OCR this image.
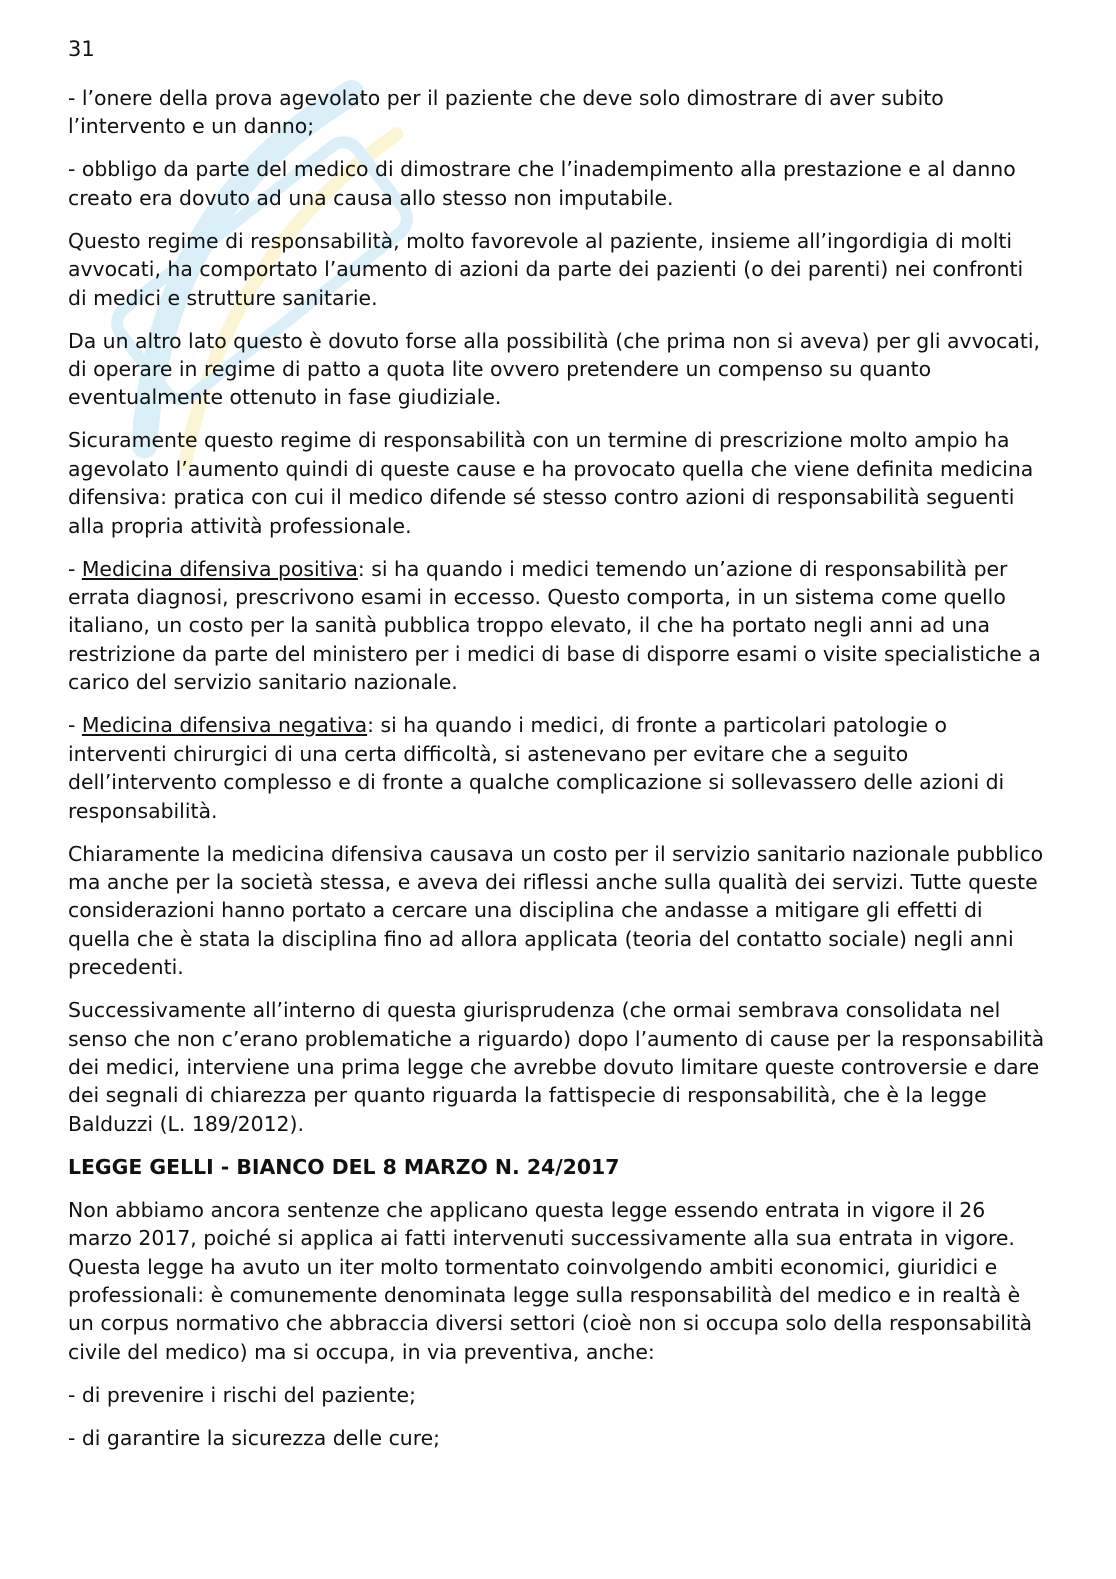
31

- l’onere della prova agevolato per il paziente che deve solo dimostrare di aver subito l’intervento e un danno;

- obbligo da parte del medico di dimostrare che l’inadempimento alla prestazione e al danno creato era dovuto ad una causa allo stesso non imputabile.

Questo regime di responsabilità, molto favorevole al paziente, insieme all’ingordigia di molti avvocati, ha comportato l’aumento di azioni da parte dei pazienti (o dei parenti) nei confronti di medici e strutture sanitarie.

Da un altro lato questo è dovuto forse alla possibilità (che prima non si aveva) per gli avvocati, di operare in regime di patto a quota lite ovvero pretendere un compenso su quanto eventualmente ottenuto in fase giudiziale.

Sicuramente questo regime di responsabilità con un termine di prescrizione molto ampio ha agevolato l’aumento quindi di queste cause e ha provocato quella che viene definita medicina difensiva: pratica con cui il medico difende sé stesso contro azioni di responsabilità seguenti alla propria attività professionale.

- Medicina difensiva positiva: si ha quando i medici temendo un’azione di responsabilità per errata diagnosi, prescrivono esami in eccesso. Questo comporta, in un sistema come quello italiano, un costo per la sanità pubblica troppo elevato, il che ha portato negli anni ad una restrizione da parte del ministero per i medici di base di disporre esami o visite specialistiche a carico del servizio sanitario nazionale.

- Medicina difensiva negativa: si ha quando i medici, di fronte a particolari patologie o interventi chirurgici di una certa difficoltà, si astenevano per evitare che a seguito dell’intervento complesso e di fronte a qualche complicazione si sollevassero delle azioni di responsabilità.

Chiaramente la medicina difensiva causava un costo per il servizio sanitario nazionale pubblico ma anche per la società stessa, e aveva dei riflessi anche sulla qualità dei servizi. Tutte queste considerazioni hanno portato a cercare una disciplina che andasse a mitigare gli effetti di quella che è stata la disciplina fino ad allora applicata (teoria del contatto sociale) negli anni precedenti.

Successivamente all’interno di questa giurisprudenza (che ormai sembrava consolidata nel senso che non c’erano problematiche a riguardo) dopo l’aumento di cause per la responsabilità dei medici, interviene una prima legge che avrebbe dovuto limitare queste controversie e dare dei segnali di chiarezza per quanto riguarda la fattispecie di responsabilità, che è la legge Balduzzi (L. 189/2012).

LEGGE GELLI - BIANCO DEL 8 MARZO N. 24/2017

Non abbiamo ancora sentenze che applicano questa legge essendo entrata in vigore il 26 marzo 2017, poiché si applica ai fatti intervenuti successivamente alla sua entrata in vigore. Questa legge ha avuto un iter molto tormentato coinvolgendo ambiti economici, giuridici e professionali: è comunemente denominata legge sulla responsabilità del medico e in realtà è un corpus normativo che abbraccia diversi settori (cioè non si occupa solo della responsabilità civile del medico) ma si occupa, in via preventiva, anche:

- di prevenire i rischi del paziente;

- di garantire la sicurezza delle cure;
